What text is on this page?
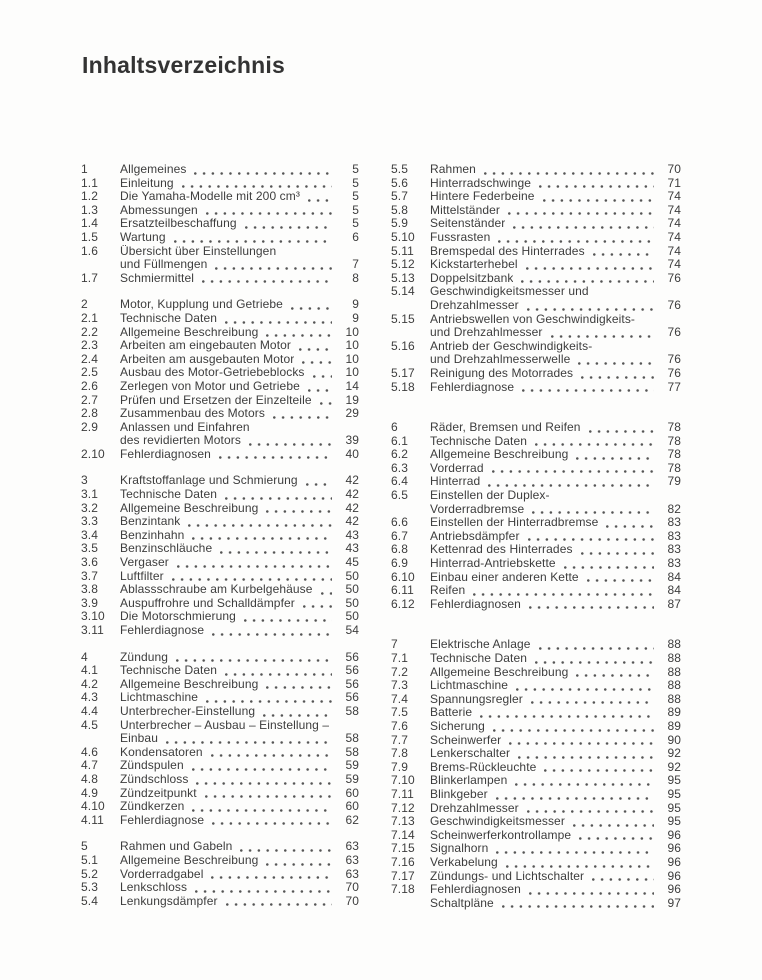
Inhaltsverzeichnis
1	Allgemeines	5
1.1	Einleitung	5
1.2	Die Yamaha-Modelle mit 200 cm³	5
1.3	Abmessungen	5
1.4	Ersatzteilbeschaffung	5
1.5	Wartung	6
1.6	Übersicht über Einstellungen
und Füllmengen	7
1.7	Schmiermittel	8
2	Motor, Kupplung und Getriebe	9
2.1	Technische Daten	9
2.2	Allgemeine Beschreibung	10
2.3	Arbeiten am eingebauten Motor	10
2.4	Arbeiten am ausgebauten Motor	10
2.5	Ausbau des Motor-Getriebeblocks	10
2.6	Zerlegen von Motor und Getriebe	14
2.7	Prüfen und Ersetzen der Einzelteile	19
2.8	Zusammenbau des Motors	29
2.9	Anlassen und Einfahren
des revidierten Motors	39
2.10	Fehlerdiagnosen	40
3	Kraftstoffanlage und Schmierung	42
3.1	Technische Daten	42
3.2	Allgemeine Beschreibung	42
3.3	Benzintank	42
3.4	Benzinhahn	43
3.5	Benzinschläuche	43
3.6	Vergaser	45
3.7	Luftfilter	50
3.8	Ablassschraube am Kurbelgehäuse	50
3.9	Auspuffrohre und Schalldämpfer	50
3.10	Die Motorschmierung	50
3.11	Fehlerdiagnose	54
4	Zündung	56
4.1	Technische Daten	56
4.2	Allgemeine Beschreibung	56
4.3	Lichtmaschine	56
4.4	Unterbrecher-Einstellung	58
4.5	Unterbrecher – Ausbau – Einstellung –
Einbau	58
4.6	Kondensatoren	58
4.7	Zündspulen	59
4.8	Zündschloss	59
4.9	Zündzeitpunkt	60
4.10	Zündkerzen	60
4.11	Fehlerdiagnose	62
5	Rahmen und Gabeln	63
5.1	Allgemeine Beschreibung	63
5.2	Vorderradgabel	63
5.3	Lenkschloss	70
5.4	Lenkungsdämpfer	70
5.5	Rahmen	70
5.6	Hinterradschwinge	71
5.7	Hintere Federbeine	74
5.8	Mittelständer	74
5.9	Seitenständer	74
5.10	Fussrasten	74
5.11	Bremspedal des Hinterrades	74
5.12	Kickstarterhebel	74
5.13	Doppelsitzbank	76
5.14	Geschwindigkeitsmesser und
Drehzahlmesser	76
5.15	Antriebswellen von Geschwindigkeits-
und Drehzahlmesser	76
5.16	Antrieb der Geschwindigkeits-
und Drehzahlmesserwelle	76
5.17	Reinigung des Motorrades	76
5.18	Fehlerdiagnose	77
6	Räder, Bremsen und Reifen	78
6.1	Technische Daten	78
6.2	Allgemeine Beschreibung	78
6.3	Vorderrad	78
6.4	Hinterrad	79
6.5	Einstellen der Duplex-
Vorderradbremse	82
6.6	Einstellen der Hinterradbremse	83
6.7	Antriebsdämpfer	83
6.8	Kettenrad des Hinterrades	83
6.9	Hinterrad-Antriebskette	83
6.10	Einbau einer anderen Kette	84
6.11	Reifen	84
6.12	Fehlerdiagnosen	87
7	Elektrische Anlage	88
7.1	Technische Daten	88
7.2	Allgemeine Beschreibung	88
7.3	Lichtmaschine	88
7.4	Spannungsregler	88
7.5	Batterie	89
7.6	Sicherung	89
7.7	Scheinwerfer	90
7.8	Lenkerschalter	92
7.9	Brems-Rückleuchte	92
7.10	Blinkerlampen	95
7.11	Blinkgeber	95
7.12	Drehzahlmesser	95
7.13	Geschwindigkeitsmesser	95
7.14	Scheinwerferkontrollampe	96
7.15	Signalhorn	96
7.16	Verkabelung	96
7.17	Zündungs- und Lichtschalter	96
7.18	Fehlerdiagnosen	96
Schaltpläne	97
